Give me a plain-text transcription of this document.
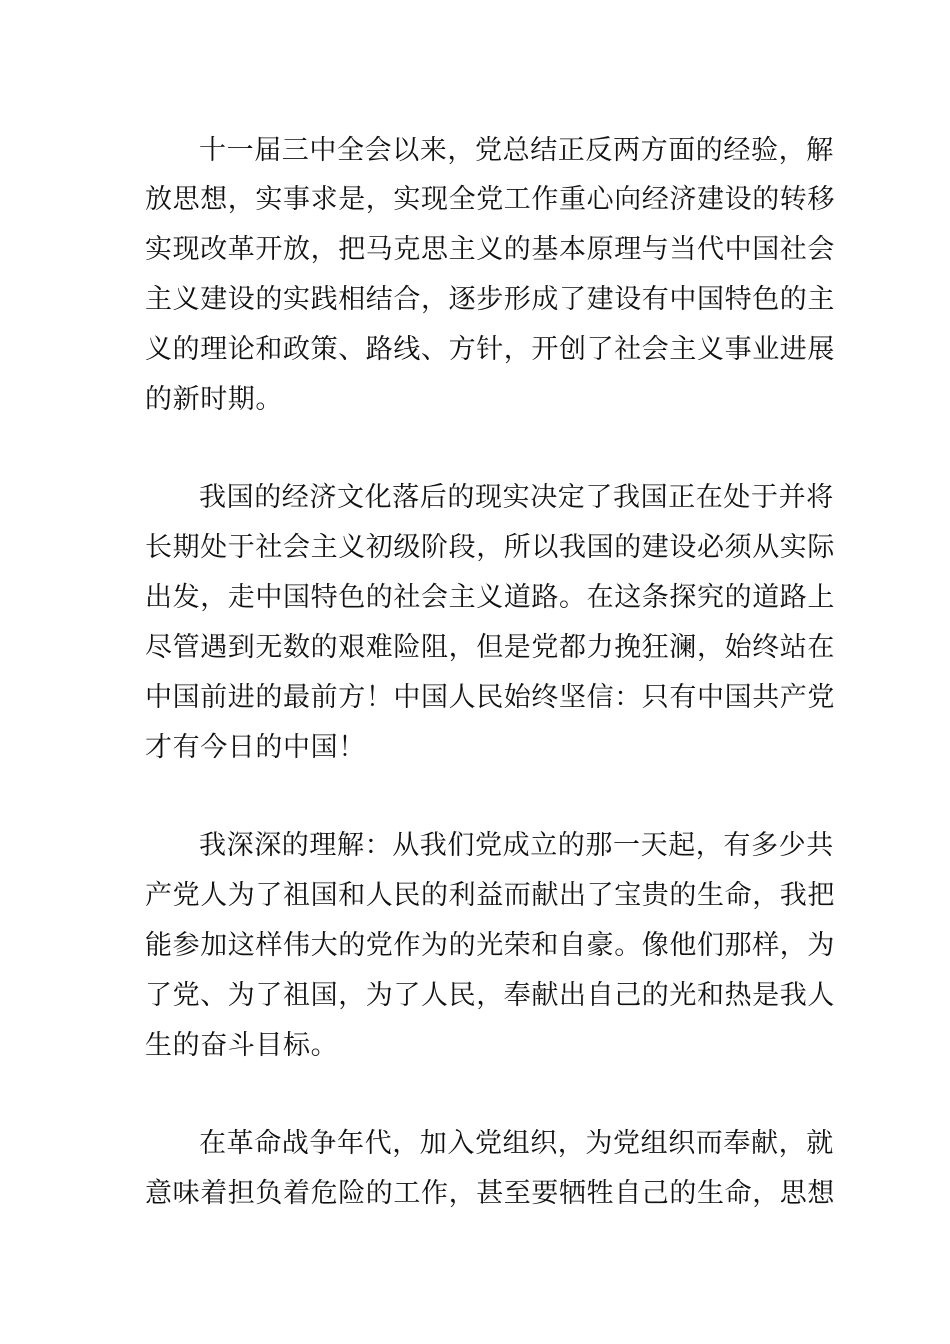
十一届三中全会以来，党总结正反两方面的经验，解
放思想，实事求是，实现全党工作重心向经济建设的转移
实现改革开放，把马克思主义的基本原理与当代中国社会
主义建设的实践相结合，逐步形成了建设有中国特色的主
义的理论和政策、路线、方针，开创了社会主义事业进展
的新时期。
我国的经济文化落后的现实决定了我国正在处于并将
长期处于社会主义初级阶段，所以我国的建设必须从实际
出发，走中国特色的社会主义道路。在这条探究的道路上
尽管遇到无数的艰难险阻，但是党都力挽狂澜，始终站在
中国前进的最前方！中国人民始终坚信：只有中国共产党
才有今日的中国！
我深深的理解：从我们党成立的那一天起，有多少共
产党人为了祖国和人民的利益而献出了宝贵的生命，我把
能参加这样伟大的党作为的光荣和自豪。像他们那样，为
了党、为了祖国，为了人民，奉献出自己的光和热是我人
生的奋斗目标。
在革命战争年代，加入党组织，为党组织而奉献，就
意味着担负着危险的工作，甚至要牺牲自己的生命，思想
